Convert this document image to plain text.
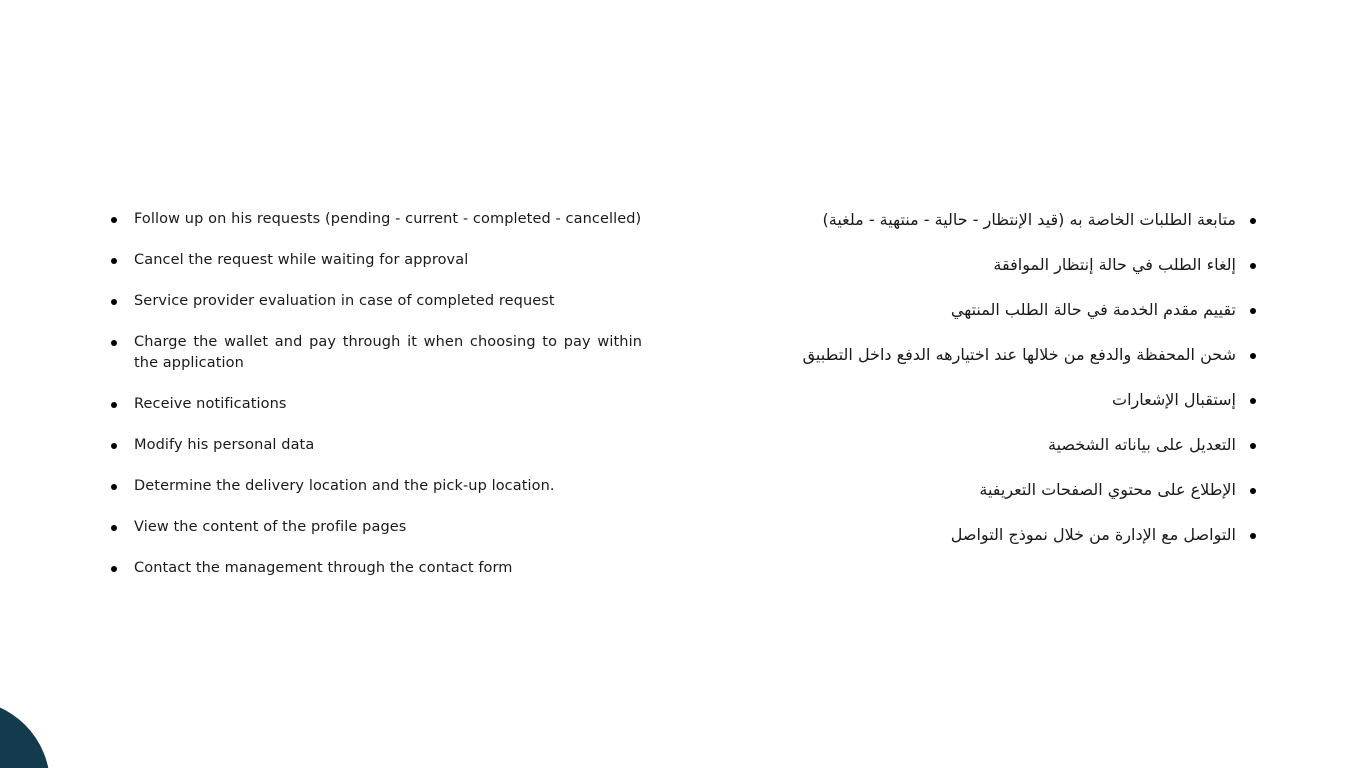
Follow up on his requests (pending - current - completed - cancelled)
Cancel the request while waiting for approval
Service provider evaluation in case of completed request
Charge the wallet and pay through it when choosing to pay within the application
Receive notifications
Modify his personal data
Determine the delivery location and the pick-up location.
View the content of the profile pages
Contact the management through the contact form
متابعة الطلبات الخاصة به (قيد الإنتظار - حالية - منتهية - ملغية)
إلغاء الطلب في حالة إنتظار الموافقة
تقييم مقدم الخدمة في حالة الطلب المنتهي
شحن المحفظة والدفع من خلالها عند اختيارهه الدفع داخل التطبيق
إستقبال الإشعارات
التعديل على بياناته الشخصية
الإطلاع على محتوي الصفحات التعريفية
التواصل مع الإدارة من خلال نموذج التواصل
